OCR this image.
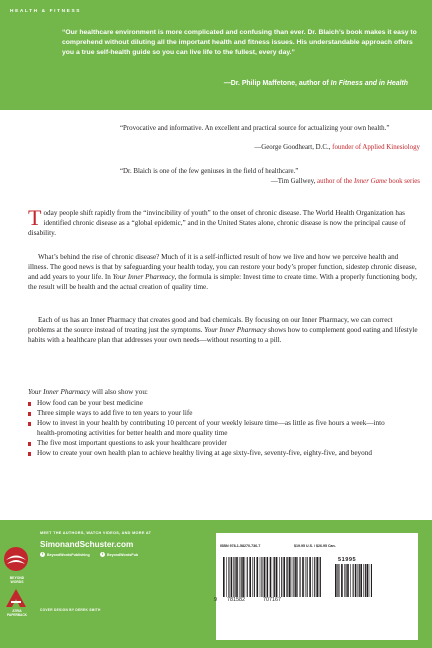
HEALTH & FITNESS

“Our healthcare environment is more complicated and confusing than ever. Dr. Blaich’s book makes it easy to comprehend without diluting all the important health and fitness issues. His understandable approach offers you a true self-health guide so you can live life to the fullest, every day.”

—Dr. Philip Maffetone, author of In Fitness and in Health

“Provocative and informative. An excellent and practical source for actualizing your own health.”

—George Goodheart, D.C., founder of Applied Kinesiology

“Dr. Blaich is one of the few geniuses in the field of healthcare.”

—Tim Gallwey, author of the Inner Game book series

Today people shift rapidly from the “invincibility of youth” to the onset of chronic disease. The World Health Organization has identified chronic disease as a “global epidemic,” and in the United States alone, chronic disease is now the principal cause of disability.

What’s behind the rise of chronic disease? Much of it is a self-inflicted result of how we live and how we perceive health and illness. The good news is that by safeguarding your health today, you can restore your body’s proper function, sidestep chronic disease, and add years to your life. In Your Inner Pharmacy, the formula is simple: Invest time to create time. With a properly functioning body, the result will be health and the actual creation of quality time.

Each of us has an Inner Pharmacy that creates good and bad chemicals. By focusing on our Inner Pharmacy, we can correct problems at the source instead of treating just the symptoms. Your Inner Pharmacy shows how to complement good eating and lifestyle habits with a healthcare plan that addresses your own needs—without resorting to a pill.

Your Inner Pharmacy will also show you:
How food can be your best medicine
Three simple ways to add five to ten years to your life
How to invest in your health by contributing 10 percent of your weekly leisure time—as little as five hours a week—into health-promoting activities for better health and more quality time
The five most important questions to ask your healthcare provider
How to create your own health plan to achieve healthy living at age sixty-five, seventy-five, eighty-five, and beyond
BEYOND WORDS
ATRIA PAPERBACK
MEET THE AUTHORS, WATCH VIDEOS, AND MORE AT
SimonandSchuster.com
f	BeyondWordsPublishing	t	BeyondWordsPub
COVER DESIGN BY DEREK SMITH
ISBN 978-1-58270-736-7	$19.95 U.S. / $26.95 Can.
51995
9 781582	707167
